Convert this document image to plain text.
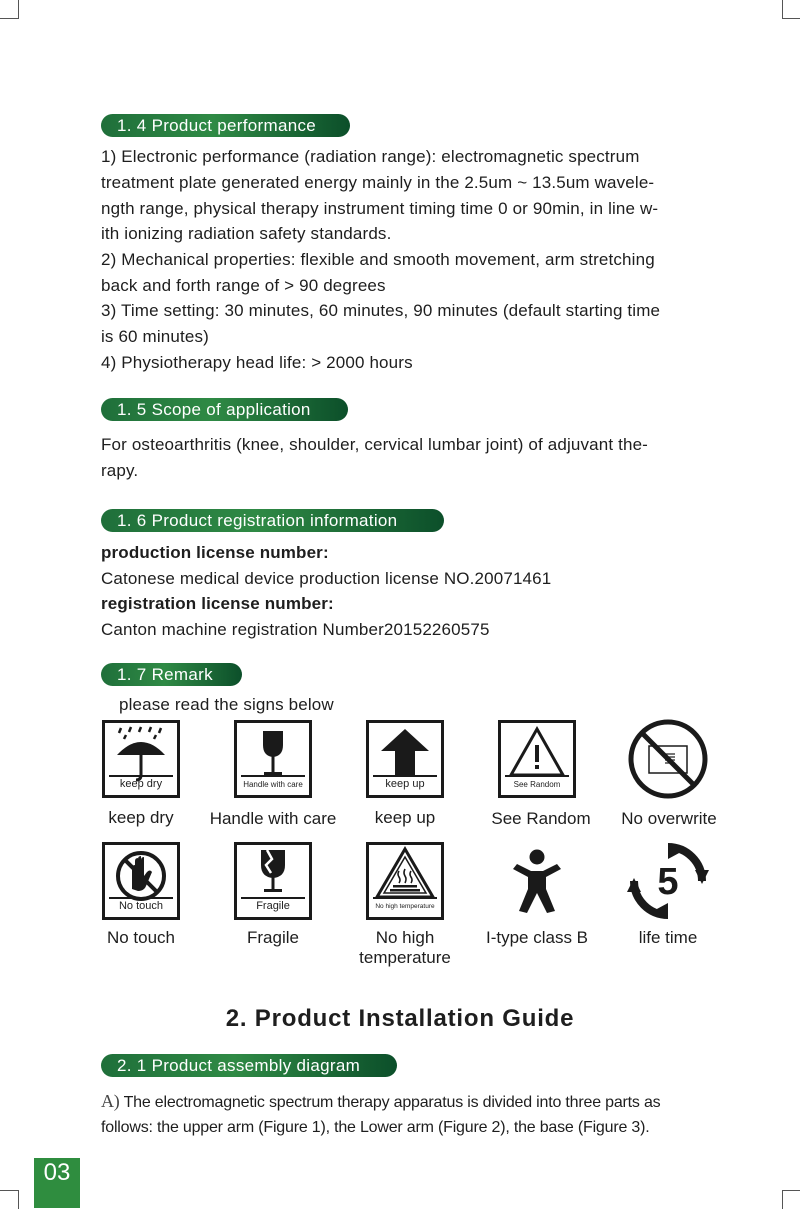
1. 4 Product performance
1) Electronic performance (radiation range): electromagnetic spectrum
treatment plate generated energy mainly in the 2.5um ~ 13.5um wavele-
ngth range, physical therapy instrument timing time 0 or 90min, in line w-
ith ionizing radiation safety standards.
2) Mechanical properties: flexible and smooth movement, arm stretching
back and forth range of > 90 degrees
3) Time setting: 30 minutes, 60 minutes, 90 minutes (default starting time
is 60 minutes)
4) Physiotherapy head life: > 2000 hours
1. 5 Scope of application
For osteoarthritis (knee, shoulder, cervical lumbar joint) of adjuvant the-
rapy.
1. 6 Product registration information
production license number:
Catonese medical device production license NO.20071461
registration license number:
Canton machine registration Number20152260575
1. 7 Remark
please read the signs below
keep dry	Handle with care	keep up	See Random
keep dry	Handle with care	keep up	See Random	No overwrite
No touch	Fragile	No high temperature
5
No touch	Fragile	No high
temperature
I-type class B	life time
2. Product Installation Guide
2. 1 Product assembly diagram
A) The electromagnetic spectrum therapy apparatus is divided into three parts as
follows: the upper arm (Figure 1), the Lower arm (Figure 2), the base (Figure 3).
03
